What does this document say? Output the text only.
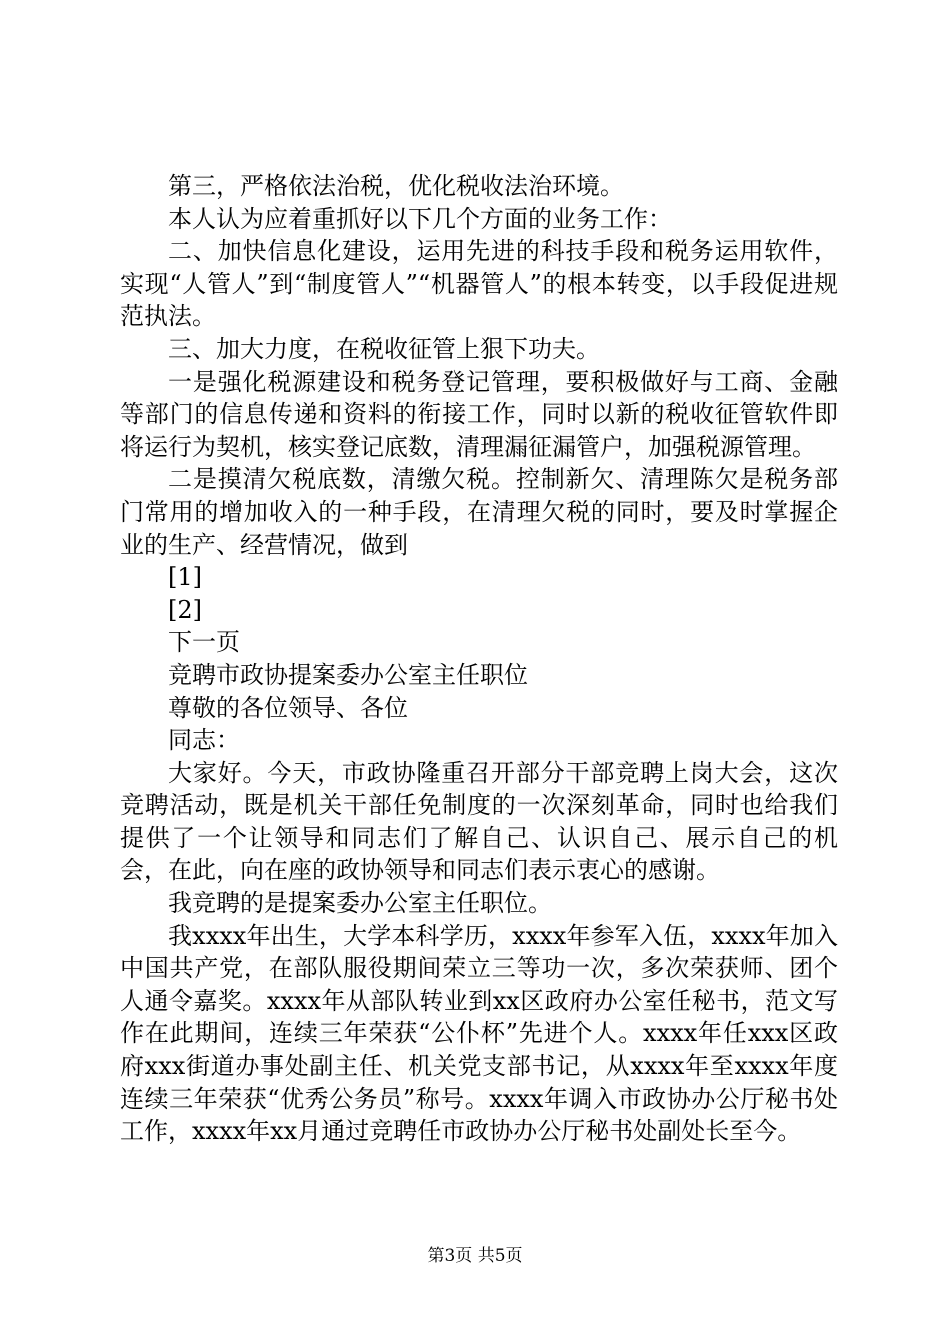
第三，严格依法治税，优化税收法治环境。

本人认为应着重抓好以下几个方面的业务工作：

二、加快信息化建设，运用先进的科技手段和税务运用软件，实现“人管人”到“制度管人”“机器管人”的根本转变，以手段促进规范执法。

三、加大力度，在税收征管上狠下功夫。

一是强化税源建设和税务登记管理，要积极做好与工商、金融等部门的信息传递和资料的衔接工作，同时以新的税收征管软件即将运行为契机，核实登记底数，清理漏征漏管户，加强税源管理。

二是摸清欠税底数，清缴欠税。控制新欠、清理陈欠是税务部门常用的增加收入的一种手段，在清理欠税的同时，要及时掌握企业的生产、经营情况，做到

[1]

[2]

下一页

竞聘市政协提案委办公室主任职位

尊敬的各位领导、各位

同志：

大家好。今天，市政协隆重召开部分干部竞聘上岗大会，这次竞聘活动，既是机关干部任免制度的一次深刻革命，同时也给我们提供了一个让领导和同志们了解自己、认识自己、展示自己的机会，在此，向在座的政协领导和同志们表示衷心的感谢。

我竞聘的是提案委办公室主任职位。

我xxxx年出生，大学本科学历，xxxx年参军入伍，xxxx年加入中国共产党，在部队服役期间荣立三等功一次，多次荣获师、团个人通令嘉奖。xxxx年从部队转业到xx区政府办公室任秘书，范文写作在此期间，连续三年荣获“公仆杯”先进个人。xxxx年任xxx区政府xxx街道办事处副主任、机关党支部书记，从xxxx年至xxxx年度连续三年荣获“优秀公务员”称号。xxxx年调入市政协办公厅秘书处工作，xxxx年xx月通过竞聘任市政协办公厅秘书处副处长至今。

第3页 共5页
